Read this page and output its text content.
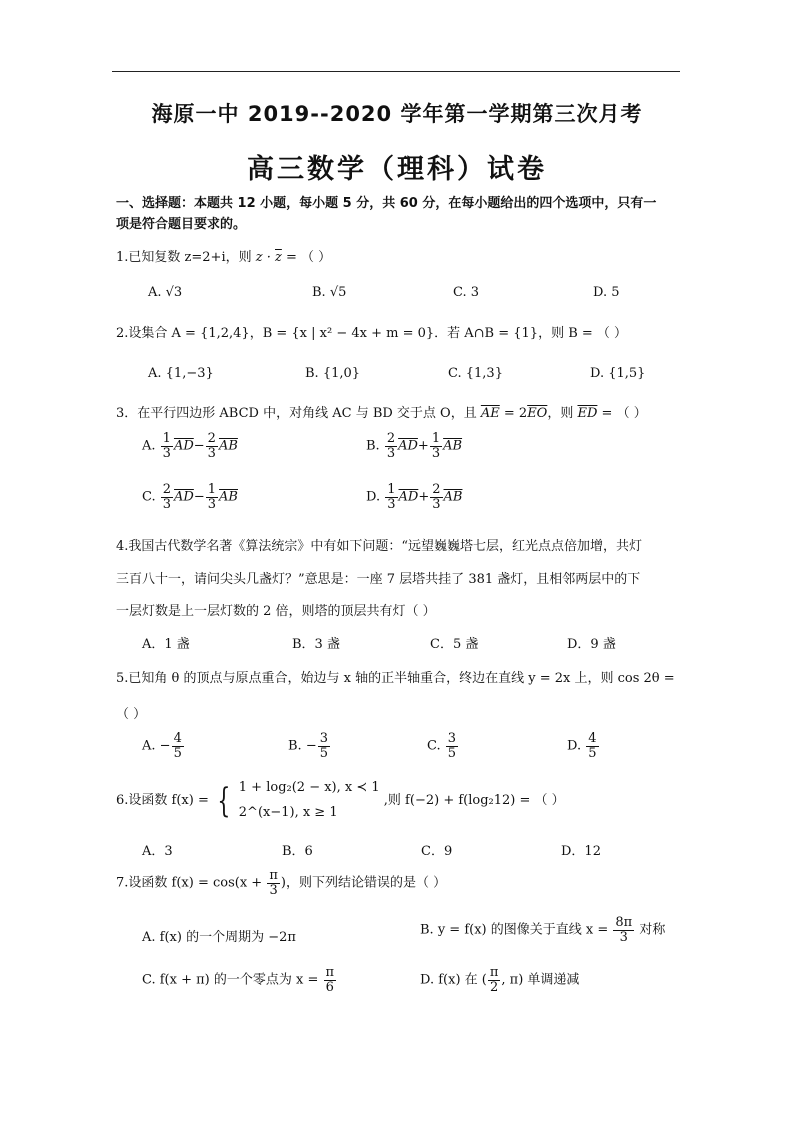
海原一中 2019--2020 学年第一学期第三次月考
高三数学（理科）试卷
一、选择题：本题共 12 小题，每小题 5 分，共 60 分，在每小题给出的四个选项中，只有一
项是符合题目要求的。
1.已知复数 z=2+i，则 $z \cdot \overline{z}$ = （ ）
A. √3	B. √5	C. 3	D. 5
2.设集合 A = {1,2,4}，B = {x | x² − 4x + m = 0}．若 A∩B = {1}，则 B = （ ）
A. {1,−3}	B. {1,0}	C. {1,3}	D. {1,5}
3．在平行四边形 ABCD 中，对角线 AC 与 BD 交于点 O，且 $\overline{AE} = 2\overline{EO}$，则 $\overline{ED}$ = （ ）
A. $\frac{1}{3} \overline{AD}- \frac{2}{3} \overline{AB}$	B. $\frac{2}{3} \overline{AD}+ \frac{1}{3} \overline{AB}$
C. $\frac{2}{3} \overline{AD}- \frac{1}{3} \overline{AB}$	D. $\frac{1}{3} \overline{AD}+ \frac{2}{3} \overline{AB}$
4.我国古代数学名著《算法统宗》中有如下问题：“远望巍巍塔七层，红光点点倍加增，共灯
三百八十一，请问尖头几盏灯？”意思是：一座 7 层塔共挂了 381 盏灯，且相邻两层中的下
一层灯数是上一层灯数的 2 倍，则塔的顶层共有灯（ ）
A．1 盏	B．3 盏	C．5 盏	D．9 盏
5.已知角 θ 的顶点与原点重合，始边与 x 轴的正半轴重合，终边在直线 y = 2x 上，则 cos 2θ =
（ ）
A. − $\frac{4}{5}$	B. − $\frac{3}{5}$	C. $\frac{3}{5}$	D. $\frac{4}{5}$
6.设函数 f(x) = { 1 + log₂(2 − x), x ≺ 1
2^(x−1), x ≥ 1
,则 f(−2) + f(log₂12) = （ ）
A．3	B．6	C．9	D．12
7.设函数 $f(x) = \cos(x + \frac{\pi}{3}$ )，则下列结论错误的是（ ）
A. f(x) 的一个周期为 −2π	B. y = f(x) 的图像关于直线 $x = \frac{8\pi}{3}$ 对称
C. f(x + π) 的一个零点为 $x = \frac{\pi}{6}$	D. f(x) 在 ( $\frac{\pi}{2}$ , π) 单调递减
